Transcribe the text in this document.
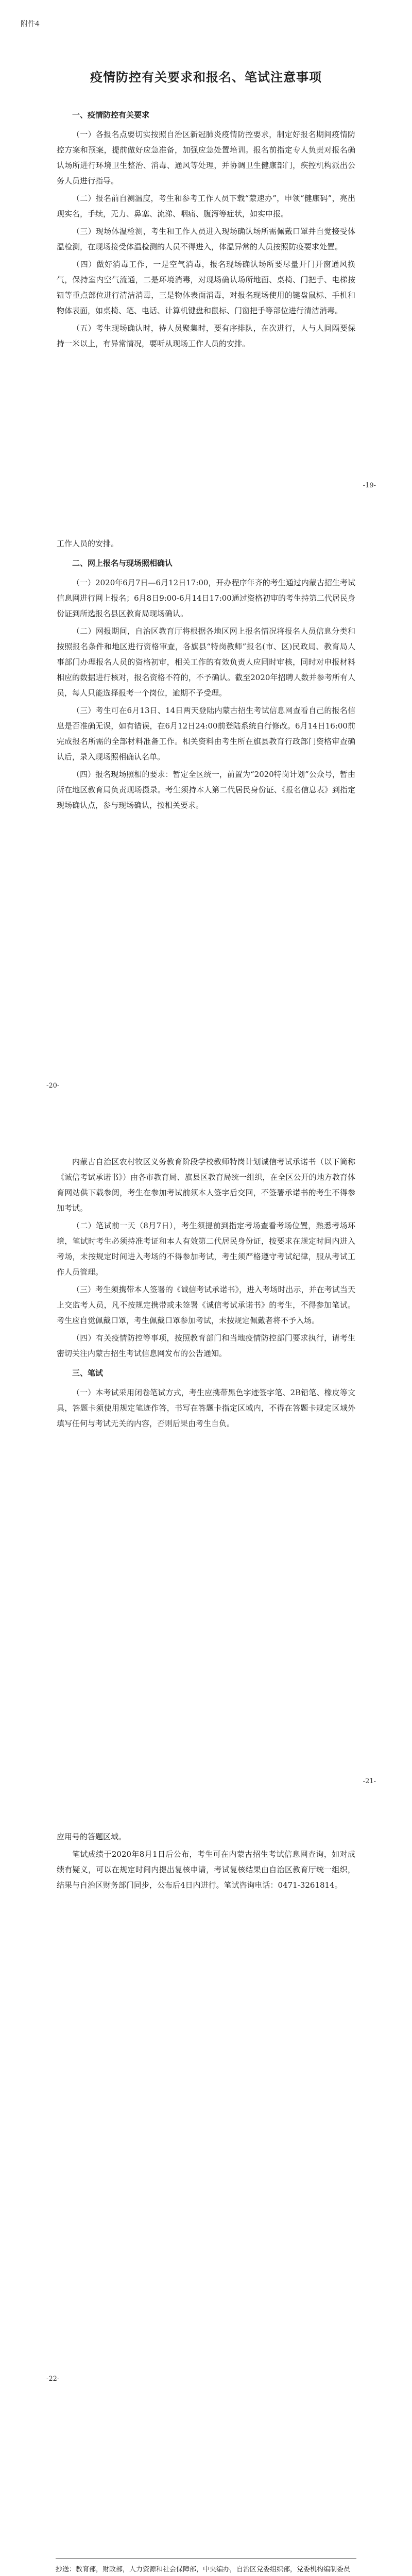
附件4
疫情防控有关要求和报名、笔试注意事项

一、疫情防控有关要求

（一）各报名点要切实按照自治区新冠肺炎疫情防控要求，制定好报名期间疫情防控方案和预案，提前做好应急准备，加强应急处置培训。报名前指定专人负责对报名确认场所进行环境卫生整治、消毒、通风等处理，并协调卫生健康部门，疾控机构派出公务人员进行指导。

（二）报名前自测温度，考生和参考工作人员下载“蒙速办”，申领“健康码”，亮出现实名，手续，无力、鼻塞、流涕、咽痛、腹泻等症状，如实申报。

（三）现场体温检测，考生和工作人员进入现场确认场所需佩戴口罩并自觉接受体温检测，在现场接受体温检测的人员不得进入，体温异常的人员按照防疫要求处置。

（四）做好消毒工作，一是空气消毒，报名现场确认场所要尽量开门开窗通风换气，保持室内空气流通，二是环境消毒，对现场确认场所地面、桌椅、门把手、电梯按钮等重点部位进行清洁消毒，三是物体表面消毒，对报名现场使用的键盘鼠标、手机和物体表面，如桌椅、笔、电话、计算机键盘和鼠标、门窗把手等部位进行清洁消毒。

（五）考生现场确认时，待人员聚集时，要有序排队，在次进行，人与人间隔要保持一米以上，有异常情况，要听从现场工作人员的安排。

-19-

工作人员的安排。

二、网上报名与现场照相确认

（一）2020年6月7日—6月12日17:00，开办程序年齐的考生通过内蒙古招生考试信息网进行网上报名；6月8日9:00-6月14日17:00通过资格初审的考生持第二代居民身份证到所选报名县区教育局现场确认。

（二）网报期间，自治区教育厅将根据各地区网上报名情况将报名人员信息分类和按照报名条件和地区进行资格审查，各旗县“特岗教师”报名(市、区)民政局、教育局人事部门办理报名人员的资格初审，相关工作的有效负责人应同时审核，同时对申报材料相应的数据进行核对，报名资格不符的，不予确认。截至2020年招聘人数并参考所有人员，每人只能选择报考一个岗位，逾期不予受理。

（三）考生可在6月13日、14日两天登陆内蒙古招生考试信息网查看自己的报名信息是否准确无误，如有错误，在6月12日24:00前登陆系统自行修改。6月14日16:00前完成报名所需的全部材料准备工作。相关资料由考生所在旗县教育行政部门资格审查确认后，录入现场照相确认名单。

（四）报名现场照相的要求：暂定全区统一，前置为“2020特岗计划”公众号，暂由所在地区教育局负责现场摄录。考生须持本人第二代居民身份证、《报名信息表》到指定现场确认点，参与现场确认，按相关要求。

-20-

内蒙古自治区农村牧区义务教育阶段学校教师特岗计划诚信考试承诺书（以下简称《诚信考试承诺书》）由各市教育局、旗县区教育局统一组织，在全区公开的地方教育体育网站供下载参阅，考生在参加考试前须本人签字后交回，不签署承诺书的考生不得参加考试。

（二）笔试前一天（8月7日），考生须提前到指定考场查看考场位置，熟悉考场环境，笔试时考生必须持准考证和本人有效第二代居民身份证，按要求在规定时间内进入考场，未按规定时间进入考场的不得参加考试，考生须严格遵守考试纪律，服从考试工作人员管理。

（三）考生须携带本人签署的《诚信考试承诺书》，进入考场时出示，并在考试当天上交监考人员，凡不按规定携带或未签署《诚信考试承诺书》的考生，不得参加笔试。考生应自觉佩戴口罩，考生佩戴口罩参加考试，未按规定佩戴者将不予入场。

（四）有关疫情防控等事项，按照教育部门和当地疫情防控部门要求执行，请考生密切关注内蒙古招生考试信息网发布的公告通知。

三、笔试

（一）本考试采用闭卷笔试方式，考生应携带黑色字迹签字笔、2B铅笔、橡皮等文具，答题卡须使用规定笔迹作答，书写在答题卡指定区域内，不得在答题卡规定区域外填写任何与考试无关的内容，否则后果由考生自负。

-21-

应用号的答题区域。

笔试成绩于2020年8月1日后公布，考生可在内蒙古招生考试信息网查询，如对成绩有疑义，可以在规定时间内提出复核申请，考试复核结果由自治区教育厅统一组织，结果与自治区财务部门同步，公布后4日内进行。笔试咨询电话：0471-3261814。

-22-
抄送：教育部，财政部，人力资源和社会保障部，中央编办，自治区党委组织部，党委机构编制委员
